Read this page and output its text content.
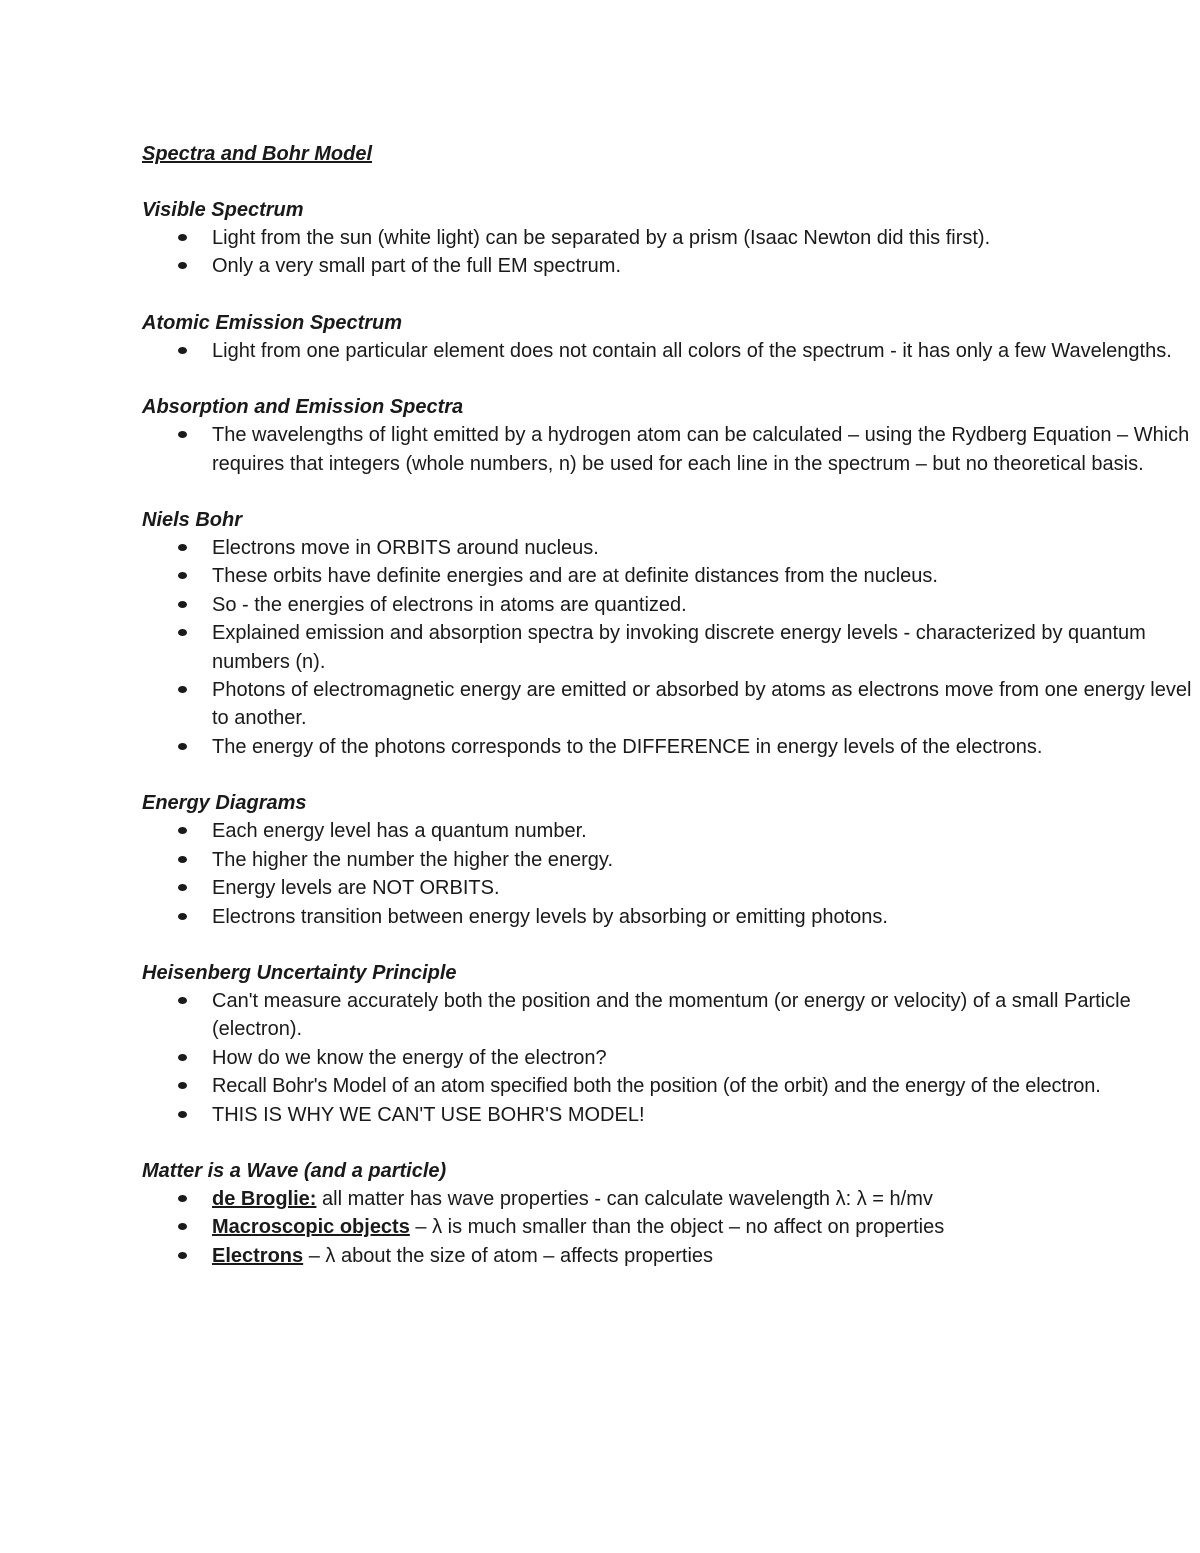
Spectra and Bohr Model
Visible Spectrum
Light from the sun (white light) can be separated by a prism (Isaac Newton did this first).
Only a very small part of the full EM spectrum.
Atomic Emission Spectrum
Light from one particular element does not contain all colors of the spectrum - it has only a few Wavelengths.
Absorption and Emission Spectra
The wavelengths of light emitted by a hydrogen atom can be calculated – using the Rydberg Equation – Which requires that integers (whole numbers, n) be used for each line in the spectrum – but no theoretical basis.
Niels Bohr
Electrons move in ORBITS around nucleus.
These orbits have definite energies and are at definite distances from the nucleus.
So - the energies of electrons in atoms are quantized.
Explained emission and absorption spectra by invoking discrete energy levels - characterized by quantum numbers (n).
Photons of electromagnetic energy are emitted or absorbed by atoms as electrons move from one energy level to another.
The energy of the photons corresponds to the DIFFERENCE in energy levels of the electrons.
Energy Diagrams
Each energy level has a quantum number.
The higher the number the higher the energy.
Energy levels are NOT ORBITS.
Electrons transition between energy levels by absorbing or emitting photons.
Heisenberg Uncertainty Principle
Can't measure accurately both the position and the momentum (or energy or velocity) of a small Particle (electron).
How do we know the energy of the electron?
Recall Bohr's Model of an atom specified both the position (of the orbit) and the energy of the electron.
THIS IS WHY WE CAN'T USE BOHR'S MODEL!
Matter is a Wave (and a particle)
de Broglie: all matter has wave properties - can calculate wavelength λ: λ = h/mv
Macroscopic objects – λ is much smaller than the object – no affect on properties
Electrons – λ about the size of atom – affects properties
